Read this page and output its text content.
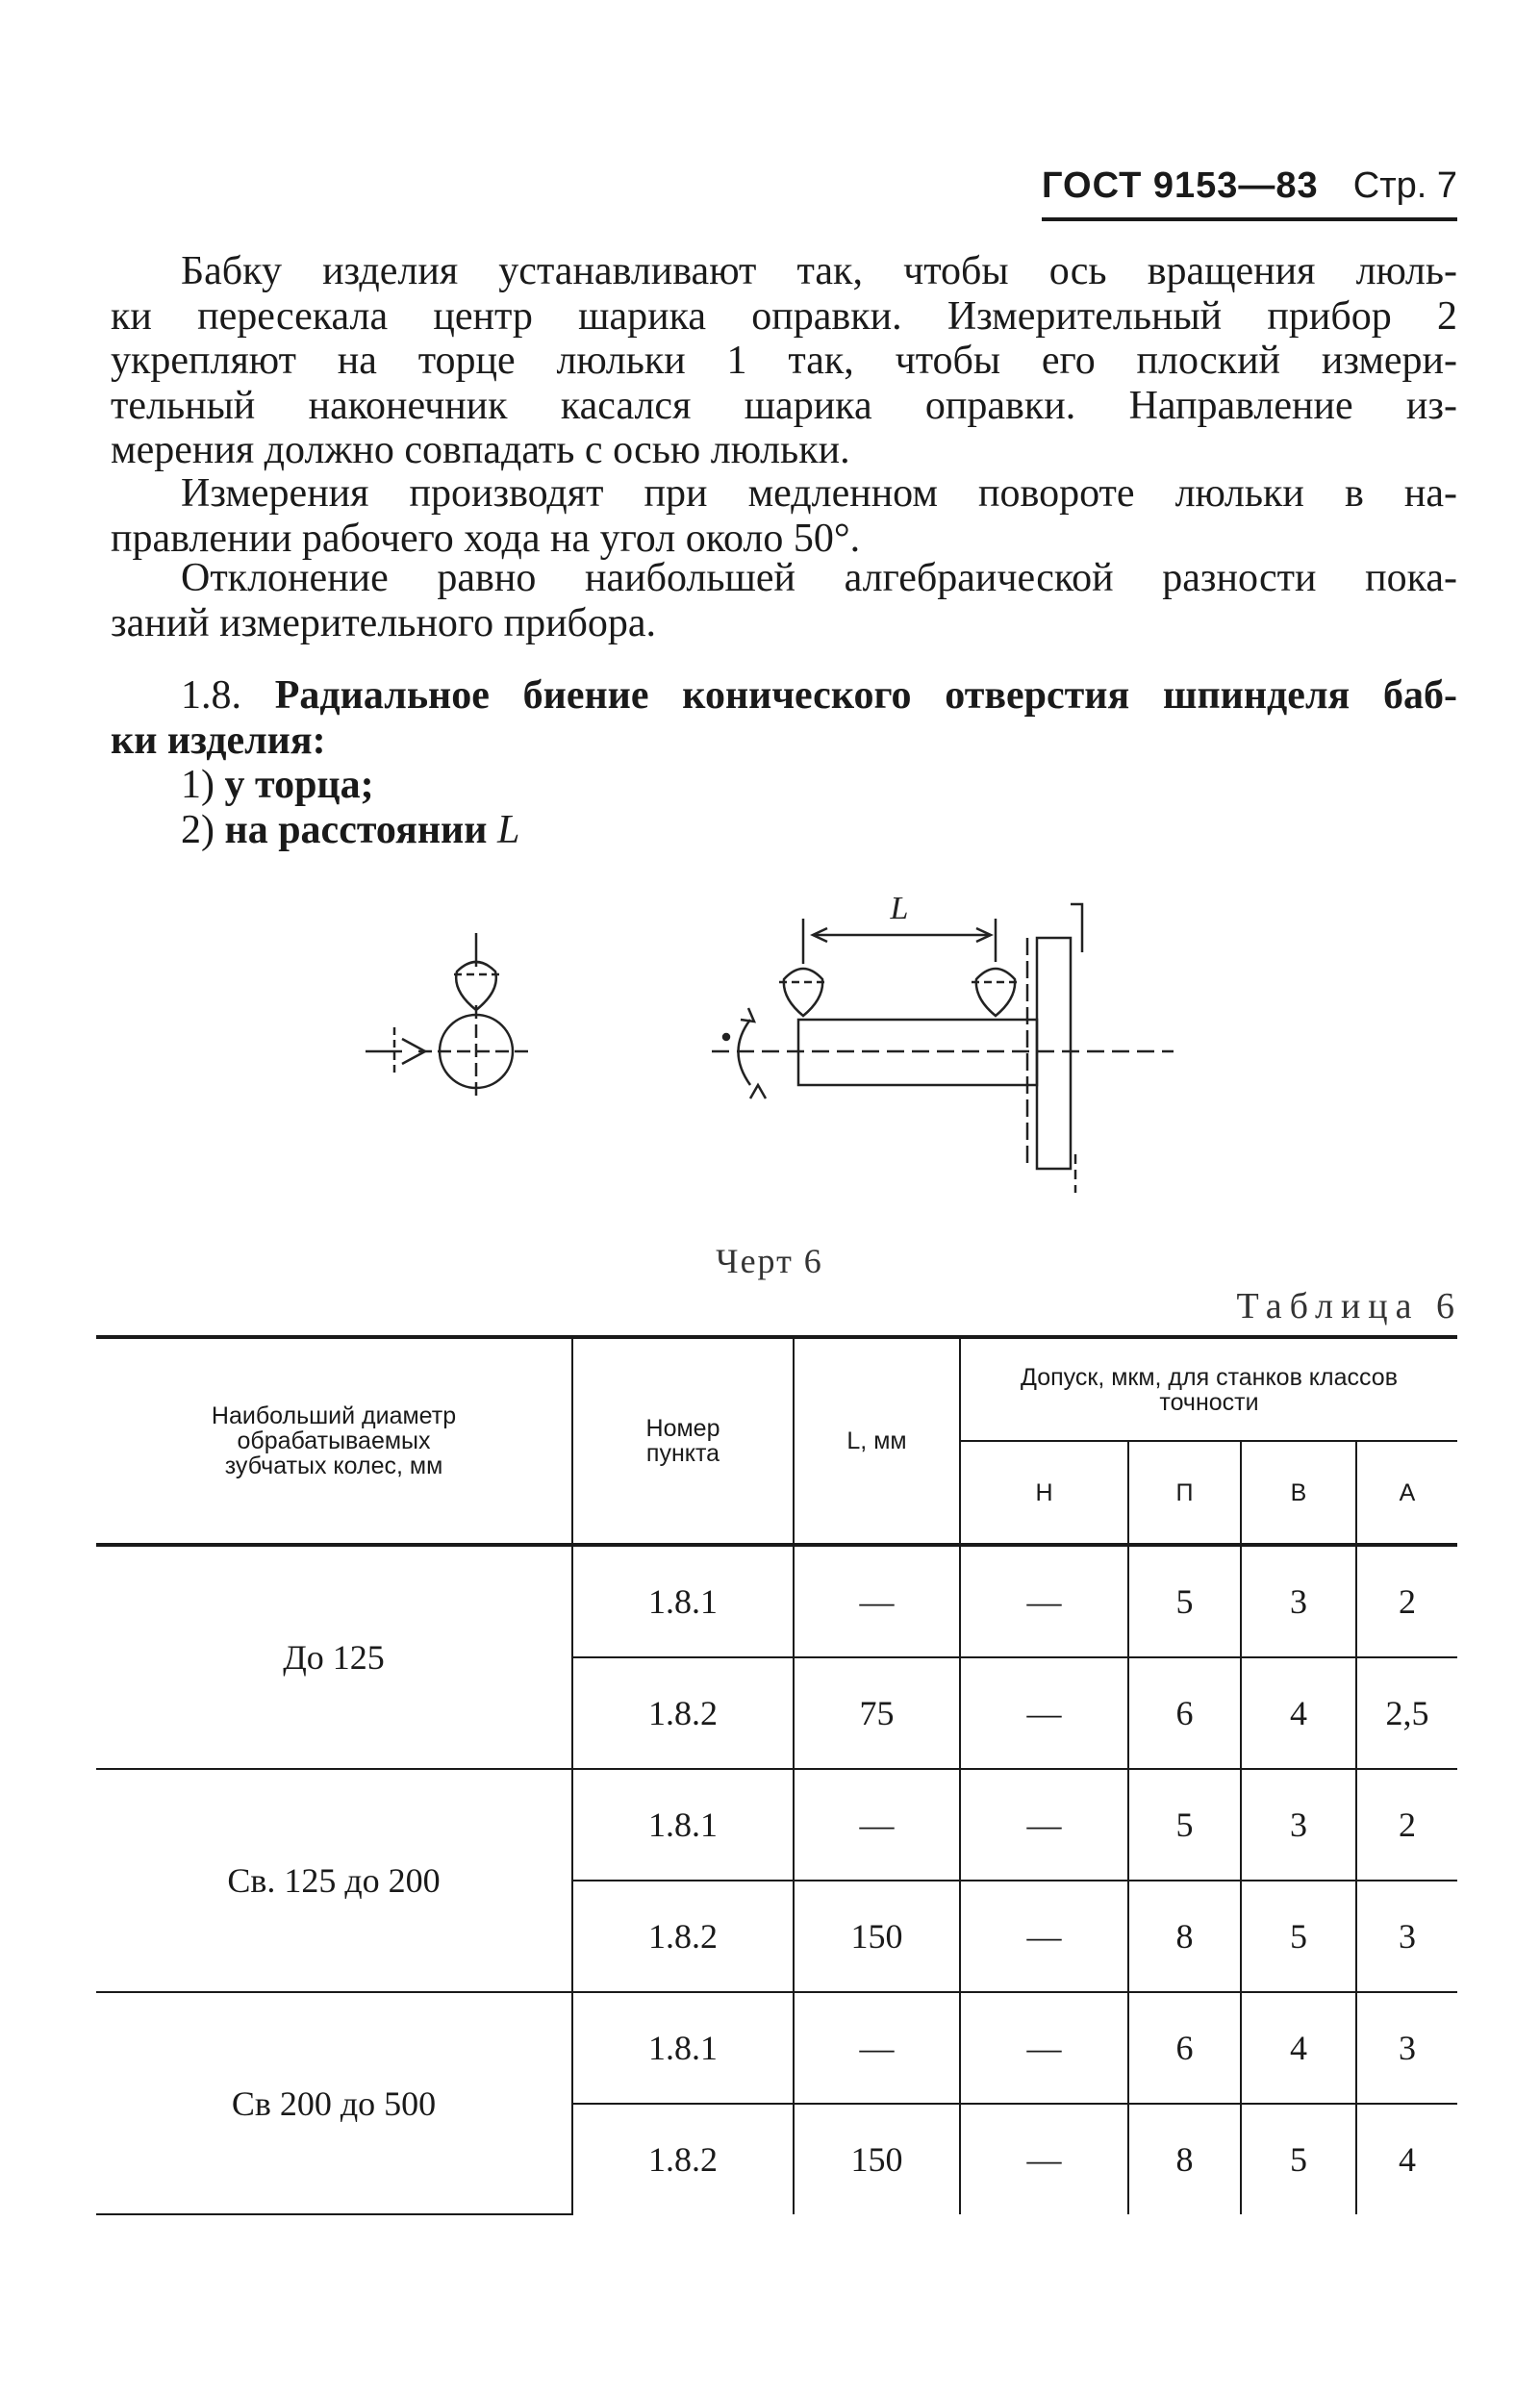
ГОСТ 9153—83 Стр. 7
Бабку изделия устанавливают так, чтобы ось вращения люль-
ки пересекала центр шарика оправки. Измерительный прибор 2
укрепляют на торце люльки 1 так, чтобы его плоский измери-
тельный наконечник касался шарика оправки. Направление из-
мерения должно совпадать с осью люльки.
Измерения производят при медленном повороте люльки в на-
правлении рабочего хода на угол около 50°.
Отклонение равно наибольшей алгебраической разности пока-
заний измерительного прибора.
1.8. Радиальное биение конического отверстия шпинделя баб-
ки изделия:
1) у торца;
2) на расстоянии L
L
Черт 6
Таблица 6
Наибольший диаметр обрабатываемых зубчатых колес, мм	Номер пункта	L, мм	Допуск, мкм, для станков классов точности			
			Н	П	В	А
До 125	1.8.1	—	—	5	3	2
	1.8.2	75	—	6	4	2,5
Св. 125 до 200	1.8.1	—	—	5	3	2
	1.8.2	150	—	8	5	3
Св 200 до 500	1.8.1	—	—	6	4	3
	1.8.2	150	—	8	5	4
